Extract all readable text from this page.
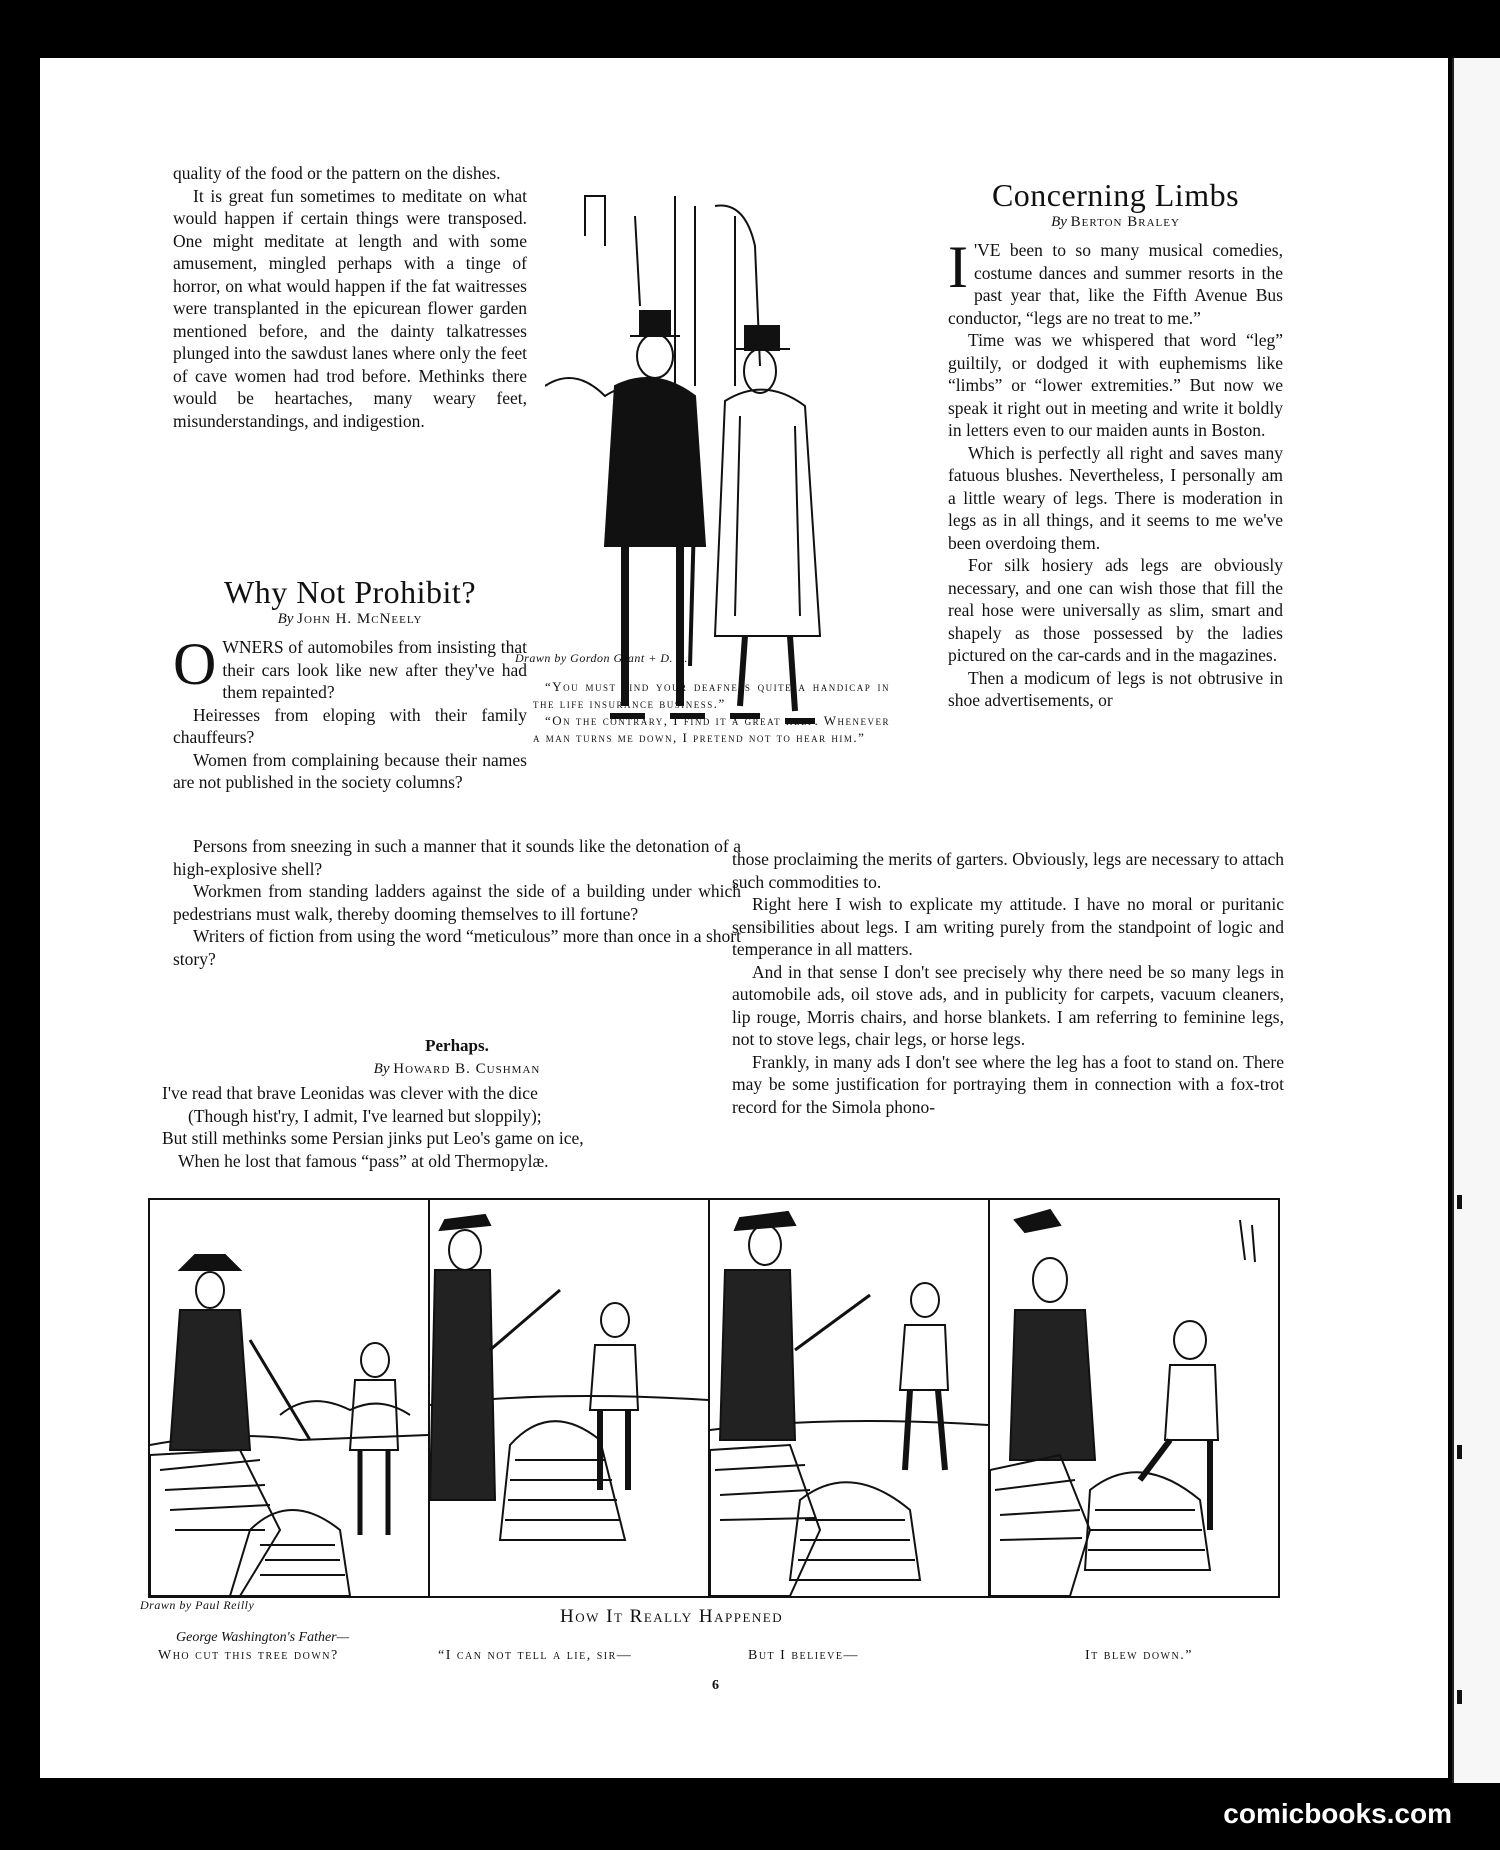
quality of the food or the pattern on the dishes.

It is great fun sometimes to meditate on what would happen if certain things were transposed. One might meditate at length and with some amusement, mingled perhaps with a tinge of horror, on what would happen if the fat waitresses were transplanted in the epicurean flower garden mentioned before, and the dainty talkatresses plunged into the sawdust lanes where only the feet of cave women had trod before. Methinks there would be heartaches, many weary feet, misunderstandings, and indigestion.

Why Not Prohibit?
By John H. McNeely

OWNERS of automobiles from insisting that their cars look like new after they've had them repainted?

Heiresses from eloping with their family chauffeurs?

Women from complaining because their names are not published in the society columns?

Persons from sneezing in such a manner that it sounds like the detonation of a high-explosive shell?

Workmen from standing ladders against the side of a building under which pedestrians must walk, thereby dooming themselves to ill fortune?

Writers of fiction from using the word “meticulous” more than once in a short story?

Perhaps.
By Howard B. Cushman
I've read that brave Leonidas was clever with the dice
(Though hist'ry, I admit, I've learned but sloppily);
But still methinks some Persian jinks put Leo's game on ice,
When he lost that famous “pass” at old Thermopylæ.
Drawn by Gordon Grant + D. B.
“You must find your deafness quite a handicap in the life insurance business.”
“On the contrary, I find it a great help. Whenever a man turns me down, I pretend not to hear him.”
Concerning Limbs
By Berton Braley

I 'VE been to so many musical comedies, costume dances and summer resorts in the past year that, like the Fifth Avenue Bus conductor, “legs are no treat to me.”

Time was we whispered that word “leg” guiltily, or dodged it with euphemisms like “limbs” or “lower extremities.” But now we speak it right out in meeting and write it boldly in letters even to our maiden aunts in Boston.

Which is perfectly all right and saves many fatuous blushes. Nevertheless, I personally am a little weary of legs. There is moderation in legs as in all things, and it seems to me we've been overdoing them.

For silk hosiery ads legs are obviously necessary, and one can wish those that fill the real hose were universally as slim, smart and shapely as those possessed by the ladies pictured on the car-cards and in the magazines.

Then a modicum of legs is not obtrusive in shoe advertisements, or

those proclaiming the merits of garters. Obviously, legs are necessary to attach such commodities to.

Right here I wish to explicate my attitude. I have no moral or puritanic sensibilities about legs. I am writing purely from the standpoint of logic and temperance in all matters.

And in that sense I don't see precisely why there need be so many legs in automobile ads, oil stove ads, and in publicity for carpets, vacuum cleaners, lip rouge, Morris chairs, and horse blankets. I am referring to feminine legs, not to stove legs, chair legs, or horse legs.

Frankly, in many ads I don't see where the leg has a foot to stand on. There may be some justification for portraying them in connection with a fox-trot record for the Simola phono-

Drawn by Paul Reilly
How It Really Happened
George Washington's Father—
Who cut this tree down?	“I can not tell a lie, sir—	But I believe—	It blew down.”
6
comicbooks.com
